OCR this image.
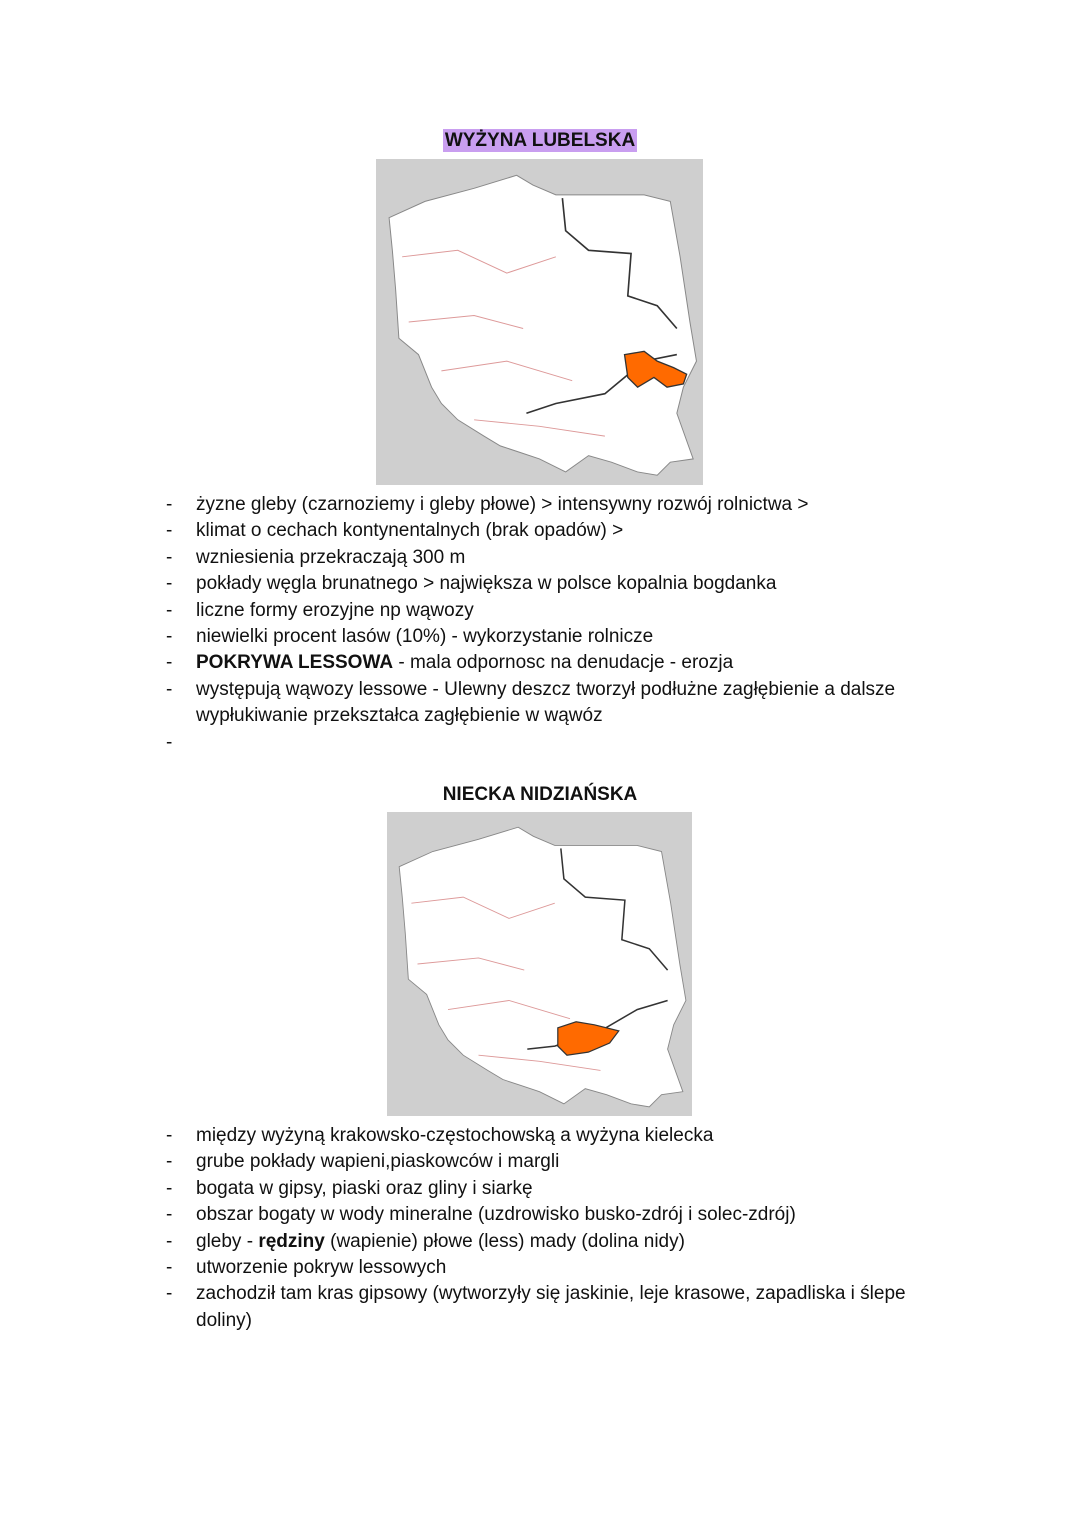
WYŻYNA LUBELSKA
- żyzne gleby (czarnoziemy i gleby płowe) > intensywny rozwój rolnictwa >
- klimat o cechach kontynentalnych (brak opadów) >
- wzniesienia przekraczają 300 m
- pokłady węgla brunatnego > największa w polsce kopalnia bogdanka
- liczne formy erozyjne np wąwozy
- niewielki procent lasów (10%) - wykorzystanie rolnicze
- POKRYWA LESSOWA - mala odpornosc na denudacje - erozja
- występują wąwozy lessowe - Ulewny deszcz tworzył podłużne zagłębienie a dalsze wypłukiwanie przekształca zagłębienie w wąwóz
-
NIECKA NIDZIAŃSKA
- między wyżyną krakowsko-częstochowską a wyżyna kielecka
- grube pokłady wapieni,piaskowców i margli
- bogata w gipsy, piaski oraz gliny i siarkę
- obszar bogaty w wody mineralne (uzdrowisko busko-zdrój i solec-zdrój)
- gleby - rędziny (wapienie) płowe (less) mady (dolina nidy)
- utworzenie pokryw lessowych
- zachodził tam kras gipsowy (wytworzyły się jaskinie, leje krasowe, zapadliska i ślepe doliny)
